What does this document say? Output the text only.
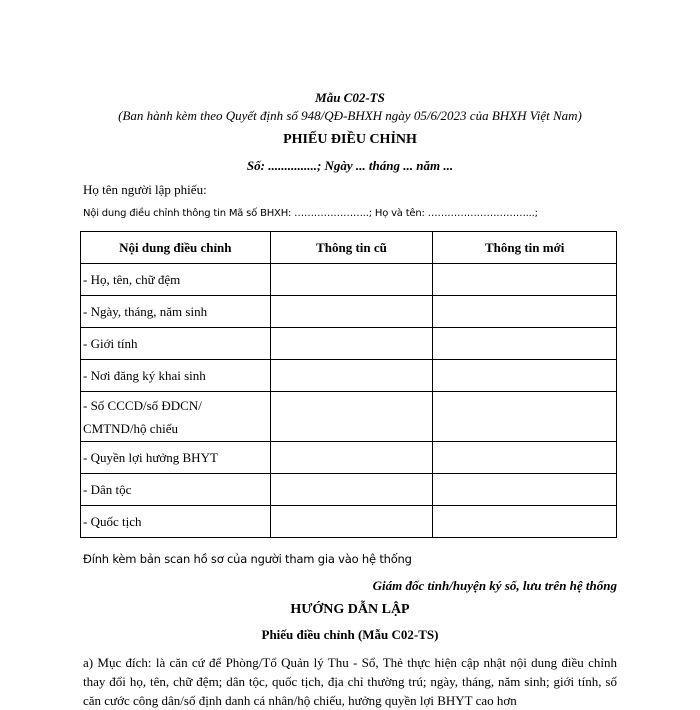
Mẫu C02-TS
(Ban hành kèm theo Quyết định số 948/QĐ-BHXH ngày 05/6/2023 của BHXH Việt Nam)
PHIẾU ĐIỀU CHỈNH
Số: ...............; Ngày ... tháng ... năm ...
Họ tên người lập phiếu:
Nội dung điều chỉnh thông tin Mã số BHXH: …………………..; Họ và tên: …………………………...;
Nội dung điều chỉnh	Thông tin cũ	Thông tin mới
- Họ, tên, chữ đệm		
- Ngày, tháng, năm sinh		
- Giới tính		
- Nơi đăng ký khai sinh		
- Số CCCD/số ĐDCN/ CMTND/hộ chiếu		
- Quyền lợi hưởng BHYT		
- Dân tộc		
- Quốc tịch		
Đính kèm bản scan hồ sơ của người tham gia vào hệ thống
Giám đốc tỉnh/huyện ký số, lưu trên hệ thống
HƯỚNG DẪN LẬP
Phiếu điều chỉnh (Mẫu C02-TS)
a) Mục đích: là căn cứ để Phòng/Tổ Quản lý Thu - Sổ, Thẻ thực hiện cập nhật nội dung điều chỉnh thay đổi họ, tên, chữ đệm; dân tộc, quốc tịch, địa chỉ thường trú; ngày, tháng, năm sinh; giới tính, số căn cước công dân/số định danh cá nhân/hộ chiếu, hưởng quyền lợi BHYT cao hơn
